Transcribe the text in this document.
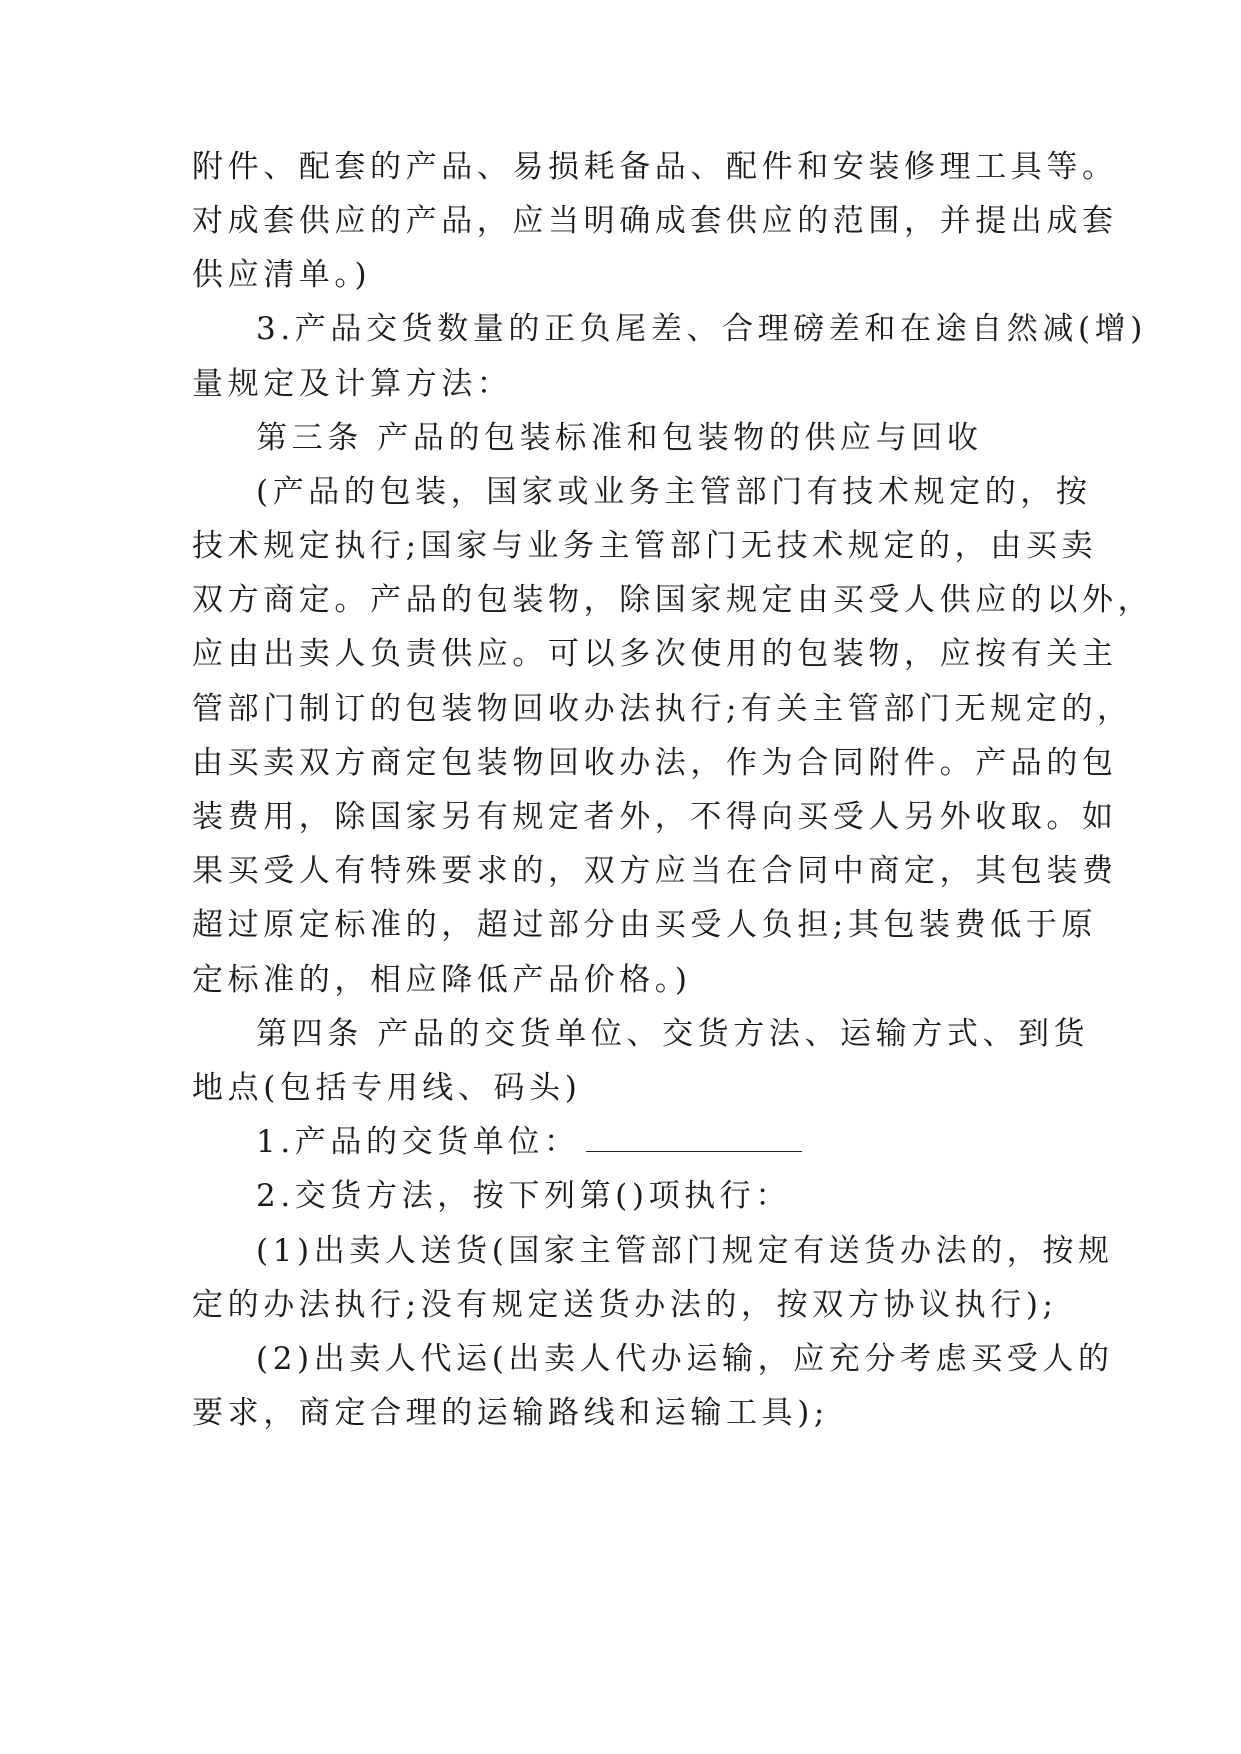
附件、配套的产品、易损耗备品、配件和安装修理工具等。

对成套供应的产品，应当明确成套供应的范围，并提出成套

供应清单。)

3.产品交货数量的正负尾差、合理磅差和在途自然减(增)

量规定及计算方法：

第三条 产品的包装标准和包装物的供应与回收

(产品的包装，国家或业务主管部门有技术规定的，按

技术规定执行;国家与业务主管部门无技术规定的，由买卖

双方商定。产品的包装物，除国家规定由买受人供应的以外，

应由出卖人负责供应。可以多次使用的包装物，应按有关主

管部门制订的包装物回收办法执行;有关主管部门无规定的，

由买卖双方商定包装物回收办法，作为合同附件。产品的包

装费用，除国家另有规定者外，不得向买受人另外收取。如

果买受人有特殊要求的，双方应当在合同中商定，其包装费

超过原定标准的，超过部分由买受人负担;其包装费低于原

定标准的，相应降低产品价格。)

第四条 产品的交货单位、交货方法、运输方式、到货

地点(包括专用线、码头)

1.产品的交货单位：

2.交货方法，按下列第()项执行：

(1)出卖人送货(国家主管部门规定有送货办法的，按规

定的办法执行;没有规定送货办法的，按双方协议执行);

(2)出卖人代运(出卖人代办运输，应充分考虑买受人的

要求，商定合理的运输路线和运输工具);
